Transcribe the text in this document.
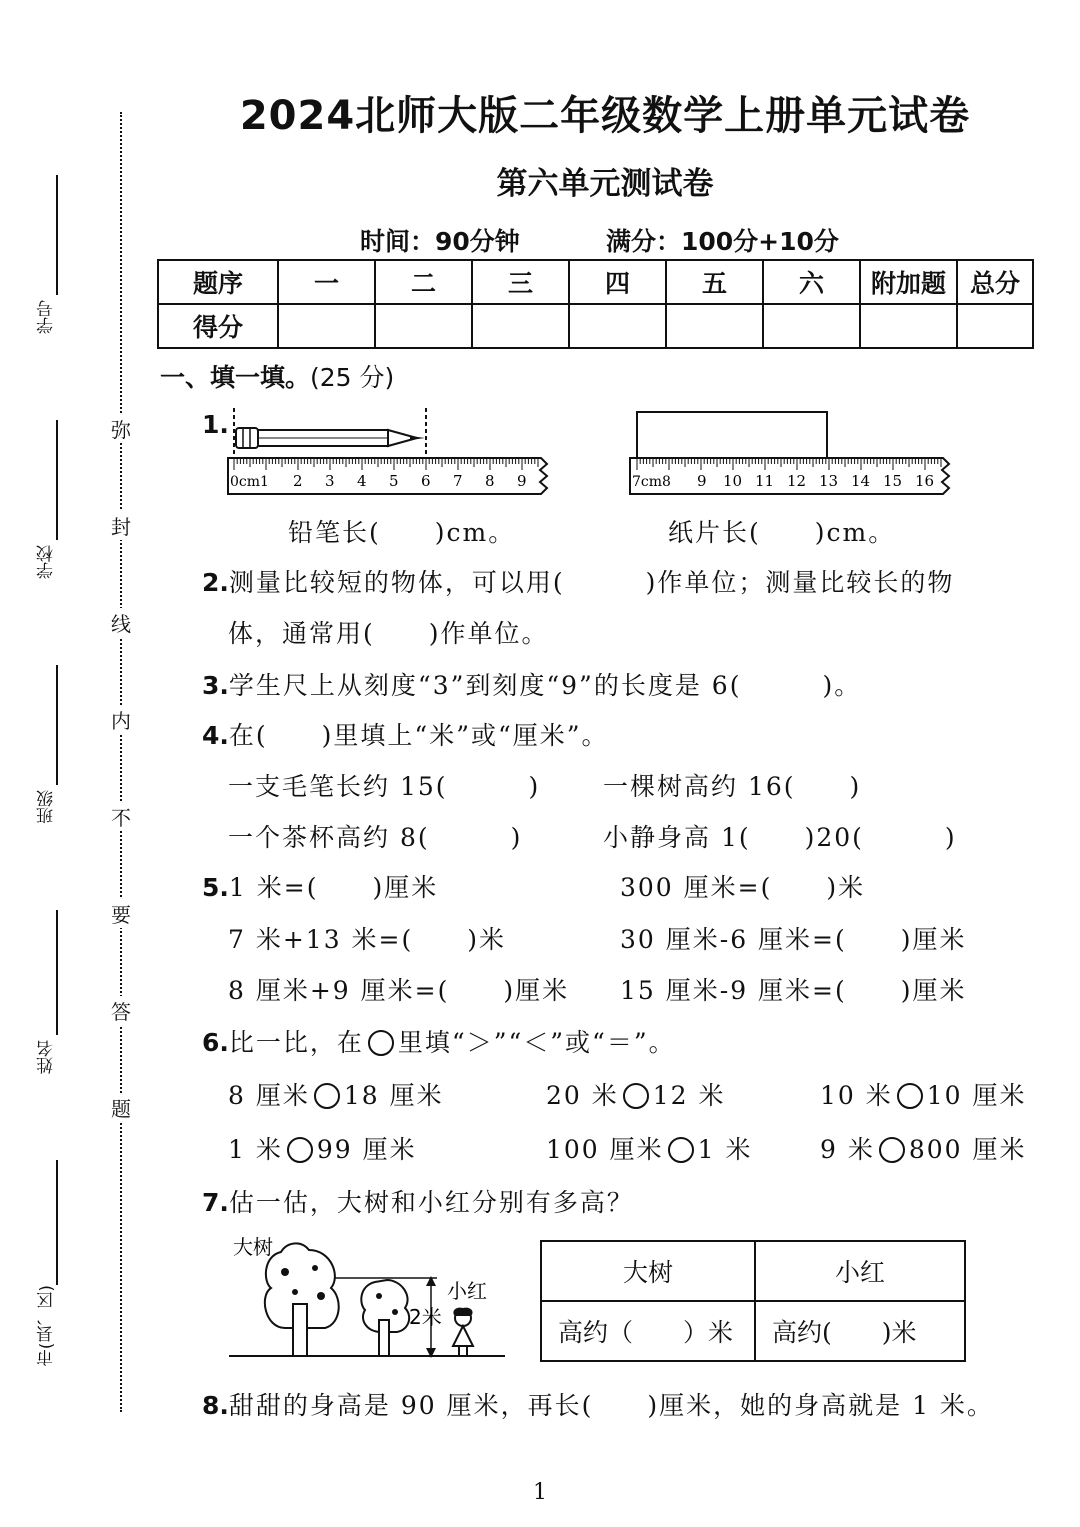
学号
学校
班级
姓名
市(县、区)
弥
封
线
内
不
要
答
题
2024北师大版二年级数学上册单元试卷
第六单元测试卷
时间：90分钟	满分：100分+10分
题序	一	二	三	四	五	六	附加题	总分
得分								
一、填一填。(25 分)
1.
0cm1 2 3 4 5 6 7 8 9	7cm8 9 10 11 12 13 14 15 16
铅笔长(　　)cm。	纸片长(　　)cm。
2.测量比较短的物体，可以用(　　　)作单位；测量比较长的物
体，通常用(　　)作单位。
3.学生尺上从刻度“3”到刻度“9”的长度是 6(　　　)。
4.在(　　)里填上“米”或“厘米”。
一支毛笔长约 15(　　　)	一棵树高约 16(　　)
一个茶杯高约 8(　　　)	小静身高 1(　　)20(　　　)
5.1 米=(　　)厘米	300 厘米=(　　)米
7 米+13 米=(　　)米	30 厘米-6 厘米=(　　)厘米
8 厘米+9 厘米=(　　)厘米 15 厘米-9 厘米=(　　)厘米
6.比一比，在 里填“＞”“＜”或“＝”。
8 厘米 18 厘米	20 米 12 米	10 米 10 厘米
1 米 99 厘米	100 厘米 1 米	9 米 800 厘米
7.估一估，大树和小红分别有多高？
大树
2米
小红
大树	小红
高约（　　）米	高约(　　)米
8.甜甜的身高是 90 厘米，再长(　　)厘米，她的身高就是 1 米。
1
